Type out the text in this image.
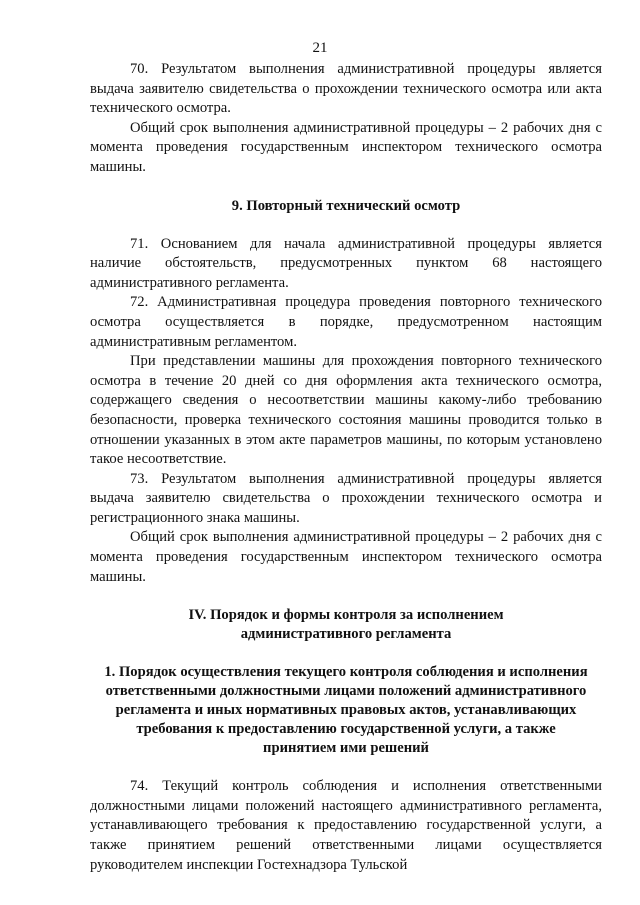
21

70. Результатом выполнения административной процедуры является выдача заявителю свидетельства о прохождении технического осмотра или акта технического осмотра.

Общий срок выполнения административной процедуры – 2 рабочих дня с момента проведения государственным инспектором технического осмотра машины.

9. Повторный технический осмотр

71. Основанием для начала административной процедуры является наличие обстоятельств, предусмотренных пунктом 68 настоящего административного регламента.

72. Административная процедура проведения повторного технического осмотра осуществляется в порядке, предусмотренном настоящим административным регламентом.

При представлении машины для прохождения повторного технического осмотра в течение 20 дней со дня оформления акта технического осмотра, содержащего сведения о несоответствии машины какому-либо требованию безопасности, проверка технического состояния машины проводится только в отношении указанных в этом акте параметров машины, по которым установлено такое несоответствие.

73. Результатом выполнения административной процедуры является выдача заявителю свидетельства о прохождении технического осмотра и регистрационного знака машины.

Общий срок выполнения административной процедуры – 2 рабочих дня с момента проведения государственным инспектором технического осмотра машины.

IV. Порядок и формы контроля за исполнением
административного регламента

1. Порядок осуществления текущего контроля соблюдения и исполнения
ответственными должностными лицами положений административного
регламента и иных нормативных правовых актов, устанавливающих
требования к предоставлению государственной услуги, а также
принятием ими решений

74. Текущий контроль соблюдения и исполнения ответственными должностными лицами положений настоящего административного регламента, устанавливающего требования к предоставлению государственной услуги, а также принятием решений ответственными лицами осуществляется руководителем инспекции Гостехнадзора Тульской
